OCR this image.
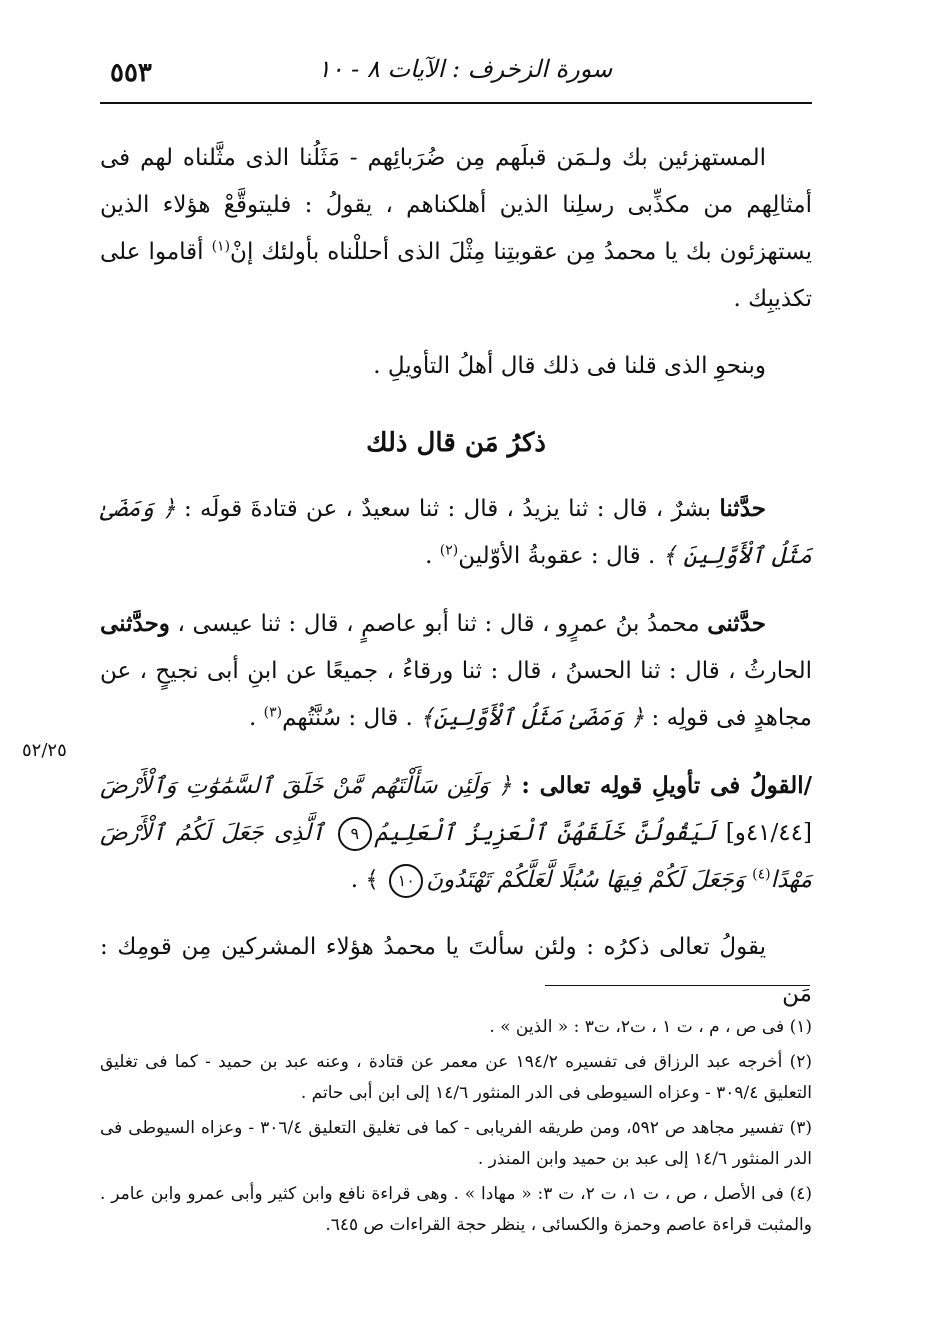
٥٥٣	سورة الزخرف : الآيات ٨ - ١٠
٥٢/٢٥

المستهزئين بك ولـمَن قبلَهم مِن ضُرَبائِهم - مَثَلُنا الذى مثَّلناه لهم فى أمثالِهم من مكذِّبى رسلِنا الذين أهلكناهم ، يقولُ : فليتوقَّعْ هؤلاء الذين يستهزئون بك يا محمدُ مِن عقوبتِنا مِثْلَ الذى أحللْناه بأولئك إنْ$^{(١)}$ أقاموا على تكذيبِك .

وبنحوِ الذى قلنا فى ذلك قال أهلُ التأويلِ .

ذكرُ مَن قال ذلك

حدَّثنا بشرٌ ، قال : ثنا يزيدُ ، قال : ثنا سعيدٌ ، عن قتادةَ قولَه : ﴿ وَمَضَىٰ مَثَلُ ٱلْأَوَّلِينَ ﴾ . قال : عقوبةُ الأوّلين$^{(٢)}$ .

حدَّثنى محمدُ بنُ عمرٍو ، قال : ثنا أبو عاصمٍ ، قال : ثنا عيسى ، وحدَّثنى الحارثُ ، قال : ثنا الحسنُ ، قال : ثنا ورقاءُ ، جميعًا عن ابنِ أبى نجيحٍ ، عن مجاهدٍ فى قولِه : ﴿ وَمَضَىٰ مَثَلُ ٱلْأَوَّلِينَ﴾ . قال : سُنَّتُهم$^{(٣)}$ .

/القولُ فى تأويلِ قولِه تعالى : ﴿ وَلَئِن سَأَلْتَهُم مَّنْ خَلَقَ ٱلسَّمَٰوَٰتِ وَٱلْأَرْضَ [٤١/٤٤و] لَيَقُولُنَّ خَلَقَهُنَّ ٱلْعَزِيزُ ٱلْعَلِيمُ٩ ٱلَّذِى جَعَلَ لَكُمُ ٱلْأَرْضَ مَهْدًا$^{(٤)}$ وَجَعَلَ لَكُمْ فِيهَا سُبُلًا لَّعَلَّكُمْ تَهْتَدُونَ١٠ ﴾ .

يقولُ تعالى ذكرُه : ولئن سألتَ يا محمدُ هؤلاء المشركين مِن قومِك : مَن

(١) فى ص ، م ، ت ١ ، ت٢، ت٣ : « الذين » .

(٢) أخرجه عبد الرزاق فى تفسيره ١٩٤/٢ عن معمر عن قتادة ، وعنه عبد بن حميد - كما فى تغليق التعليق ٣٠٩/٤ - وعزاه السيوطى فى الدر المنثور ١٤/٦ إلى ابن أبى حاتم .

(٣) تفسير مجاهد ص ٥٩٢، ومن طريقه الفريابى - كما فى تغليق التعليق ٣٠٦/٤ - وعزاه السيوطى فى الدر المنثور ١٤/٦ إلى عبد بن حميد وابن المنذر .

(٤) فى الأصل ، ص ، ت ١، ت ٢، ت ٣: « مهادا » . وهى قراءة نافع وابن كثير وأبى عمرو وابن عامر . والمثبت قراءة عاصم وحمزة والكسائى ، ينظر حجة القراءات ص ٦٤٥.
